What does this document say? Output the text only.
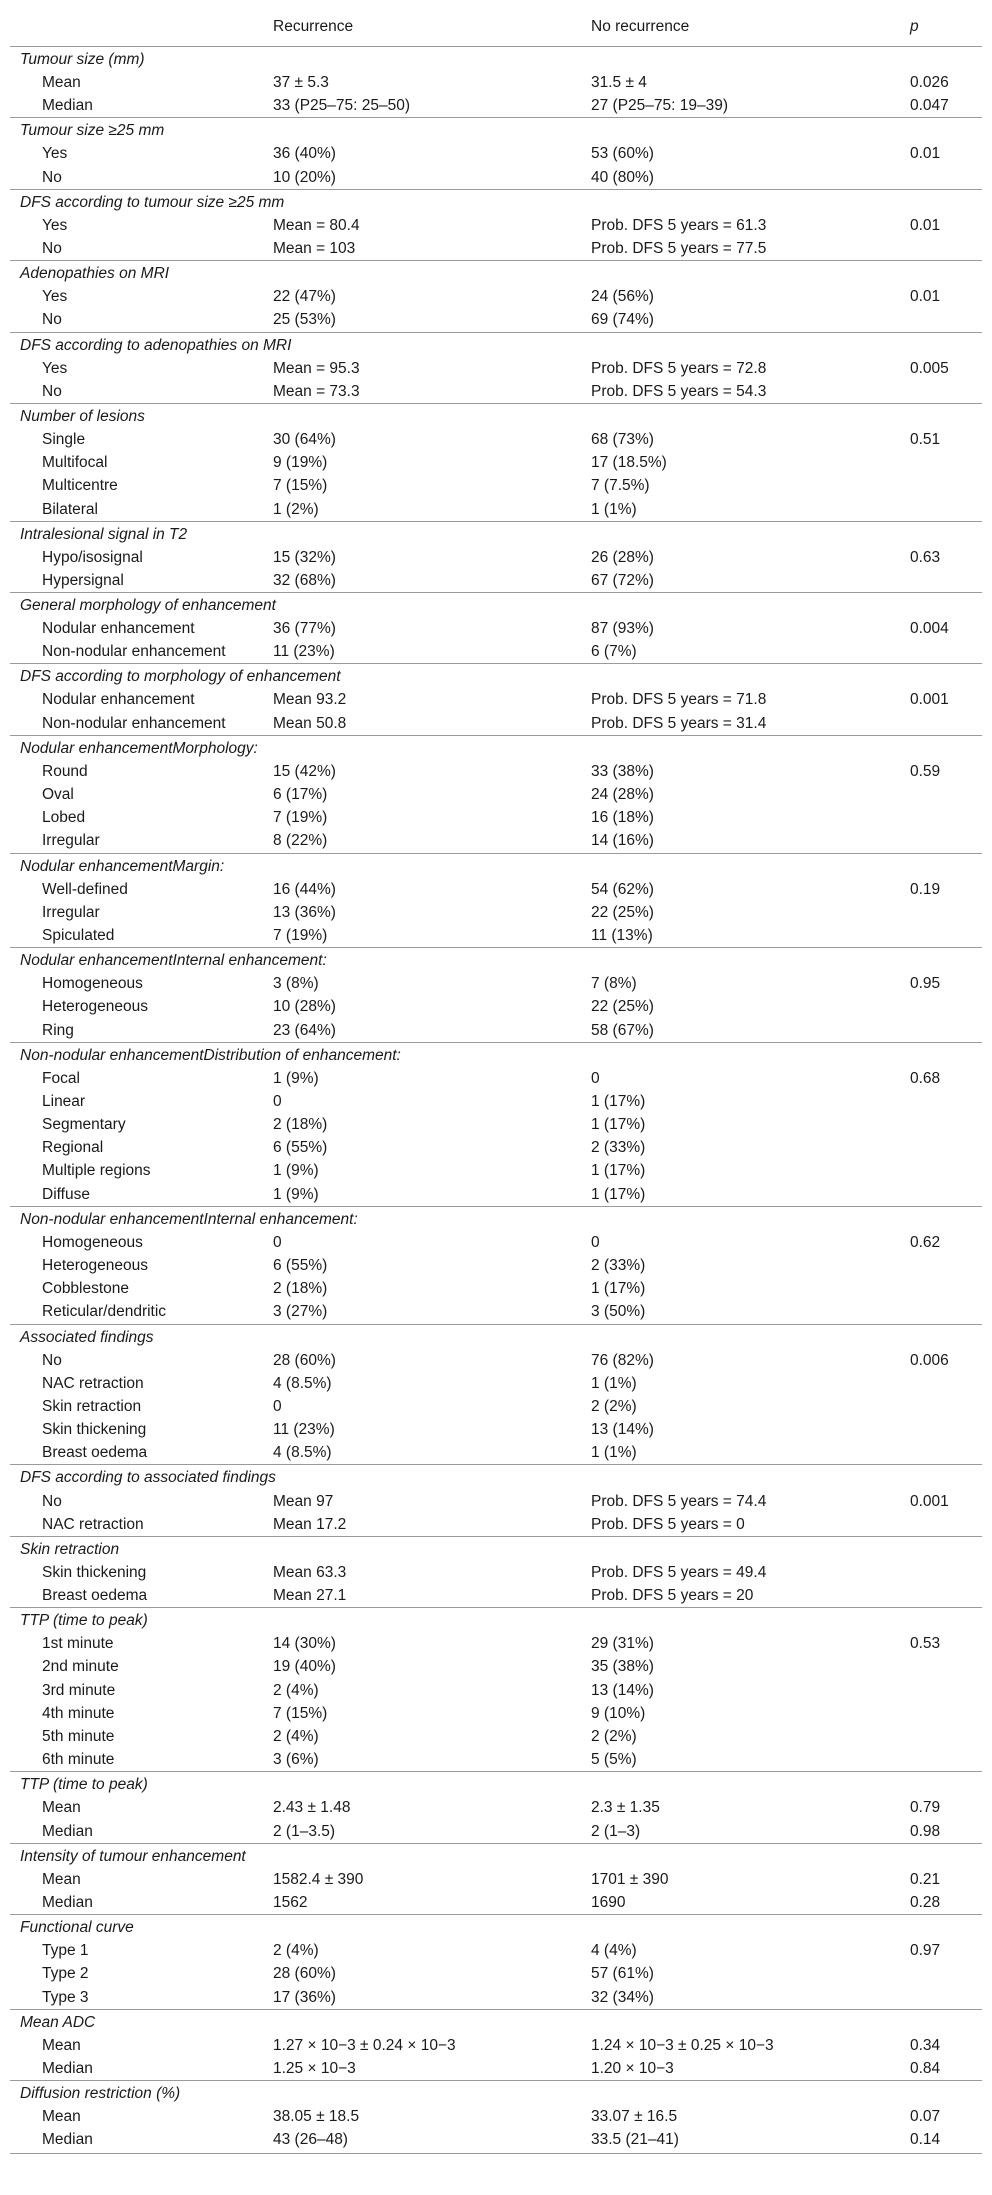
Recurrence	No recurrence	p
Tumour size (mm)
Mean	37 ± 5.3	31.5 ± 4	0.026
Median	33 (P25–75: 25–50)	27 (P25–75: 19–39)	0.047
Tumour size ≥25 mm
Yes	36 (40%)	53 (60%)	0.01
No	10 (20%)	40 (80%)
DFS according to tumour size ≥25 mm
Yes	Mean = 80.4	Prob. DFS 5 years = 61.3	0.01
No	Mean = 103	Prob. DFS 5 years = 77.5
Adenopathies on MRI
Yes	22 (47%)	24 (56%)	0.01
No	25 (53%)	69 (74%)
DFS according to adenopathies on MRI
Yes	Mean = 95.3	Prob. DFS 5 years = 72.8	0.005
No	Mean = 73.3	Prob. DFS 5 years = 54.3
Number of lesions
Single	30 (64%)	68 (73%)	0.51
Multifocal	9 (19%)	17 (18.5%)
Multicentre	7 (15%)	7 (7.5%)
Bilateral	1 (2%)	1 (1%)
Intralesional signal in T2
Hypo/isosignal	15 (32%)	26 (28%)	0.63
Hypersignal	32 (68%)	67 (72%)
General morphology of enhancement
Nodular enhancement	36 (77%)	87 (93%)	0.004
Non-nodular enhancement	11 (23%)	6 (7%)
DFS according to morphology of enhancement
Nodular enhancement	Mean 93.2	Prob. DFS 5 years = 71.8	0.001
Non-nodular enhancement	Mean 50.8	Prob. DFS 5 years = 31.4
Nodular enhancementMorphology:
Round	15 (42%)	33 (38%)	0.59
Oval	6 (17%)	24 (28%)
Lobed	7 (19%)	16 (18%)
Irregular	8 (22%)	14 (16%)
Nodular enhancementMargin:
Well-defined	16 (44%)	54 (62%)	0.19
Irregular	13 (36%)	22 (25%)
Spiculated	7 (19%)	11 (13%)
Nodular enhancementInternal enhancement:
Homogeneous	3 (8%)	7 (8%)	0.95
Heterogeneous	10 (28%)	22 (25%)
Ring	23 (64%)	58 (67%)
Non-nodular enhancementDistribution of enhancement:
Focal	1 (9%)	0	0.68
Linear	0	1 (17%)
Segmentary	2 (18%)	1 (17%)
Regional	6 (55%)	2 (33%)
Multiple regions	1 (9%)	1 (17%)
Diffuse	1 (9%)	1 (17%)
Non-nodular enhancementInternal enhancement:
Homogeneous	0	0	0.62
Heterogeneous	6 (55%)	2 (33%)
Cobblestone	2 (18%)	1 (17%)
Reticular/dendritic	3 (27%)	3 (50%)
Associated findings
No	28 (60%)	76 (82%)	0.006
NAC retraction	4 (8.5%)	1 (1%)
Skin retraction	0	2 (2%)
Skin thickening	11 (23%)	13 (14%)
Breast oedema	4 (8.5%)	1 (1%)
DFS according to associated findings
No	Mean 97	Prob. DFS 5 years = 74.4	0.001
NAC retraction	Mean 17.2	Prob. DFS 5 years = 0
Skin retraction
Skin thickening	Mean 63.3	Prob. DFS 5 years = 49.4
Breast oedema	Mean 27.1	Prob. DFS 5 years = 20
TTP (time to peak)
1st minute	14 (30%)	29 (31%)	0.53
2nd minute	19 (40%)	35 (38%)
3rd minute	2 (4%)	13 (14%)
4th minute	7 (15%)	9 (10%)
5th minute	2 (4%)	2 (2%)
6th minute	3 (6%)	5 (5%)
TTP (time to peak)
Mean	2.43 ± 1.48	2.3 ± 1.35	0.79
Median	2 (1–3.5)	2 (1–3)	0.98
Intensity of tumour enhancement
Mean	1582.4 ± 390	1701 ± 390	0.21
Median	1562	1690	0.28
Functional curve
Type 1	2 (4%)	4 (4%)	0.97
Type 2	28 (60%)	57 (61%)
Type 3	17 (36%)	32 (34%)
Mean ADC
Mean	1.27 × 10−3 ± 0.24 × 10−3	1.24 × 10−3 ± 0.25 × 10−3	0.34
Median	1.25 × 10−3	1.20 × 10−3	0.84
Diffusion restriction (%)
Mean	38.05 ± 18.5	33.07 ± 16.5	0.07
Median	43 (26–48)	33.5 (21–41)	0.14
